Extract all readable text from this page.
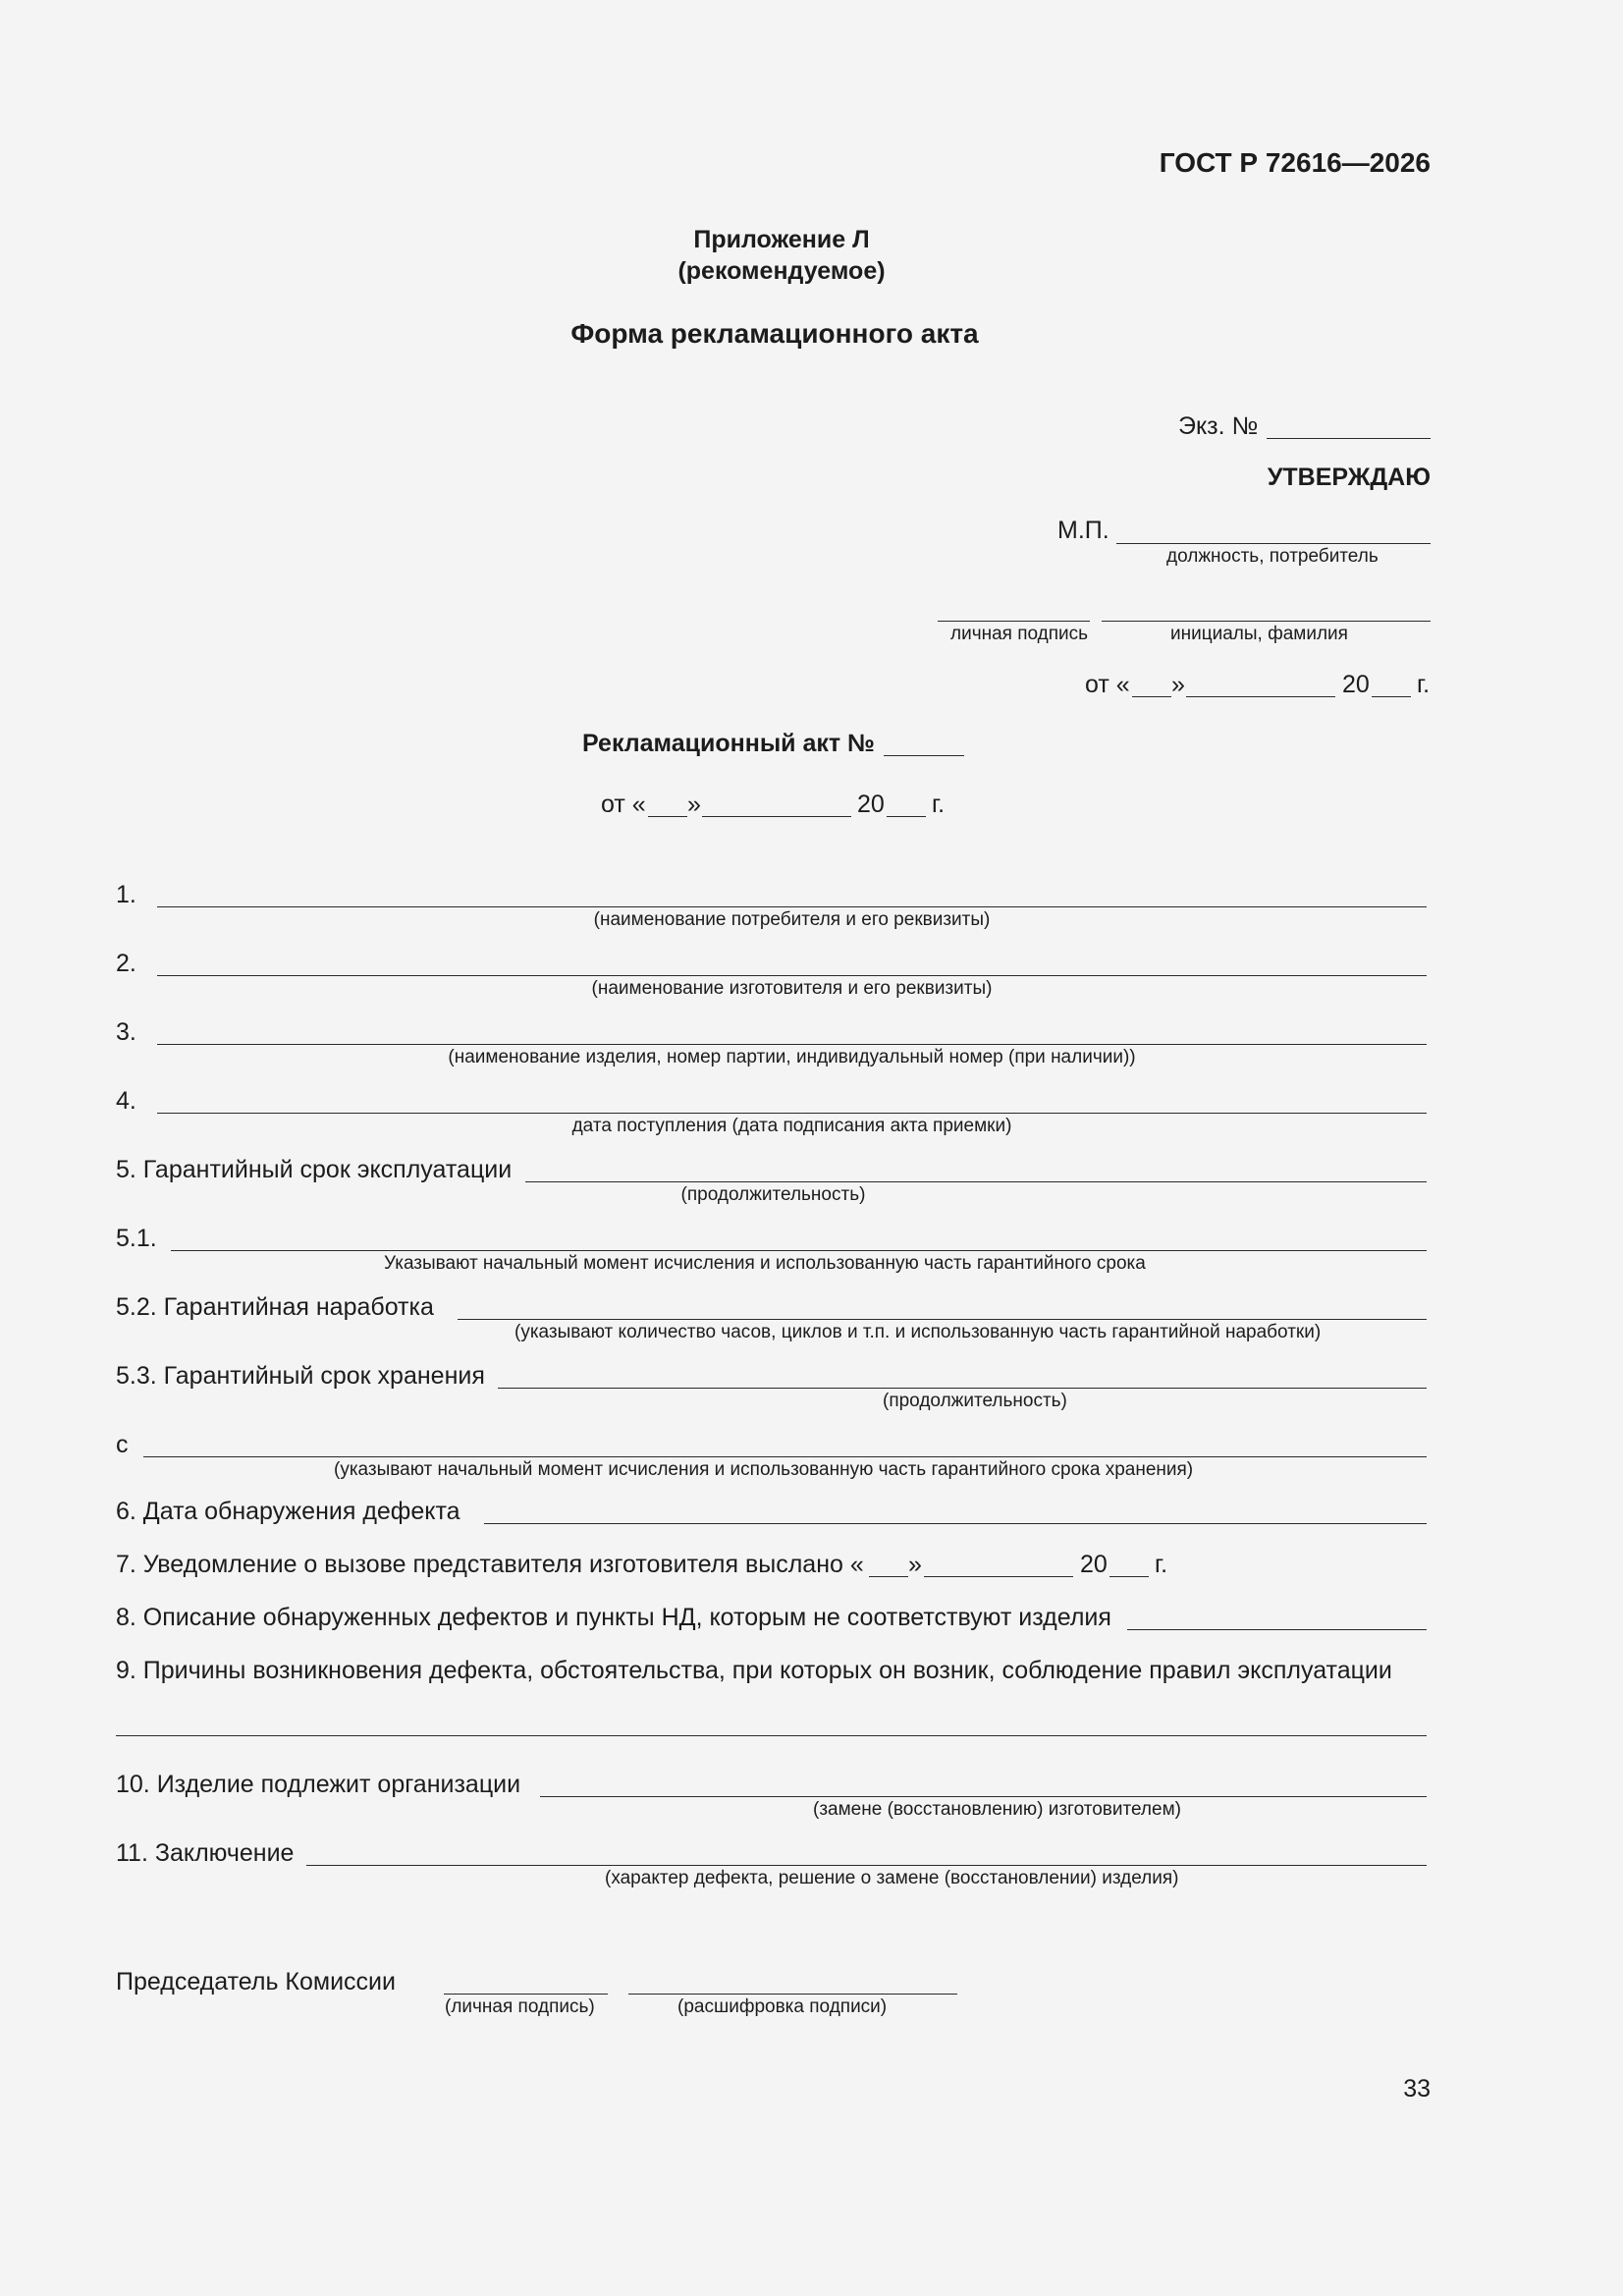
ГОСТ Р 72616—2026
Приложение Л
(рекомендуемое)
Форма рекламационного акта
Экз. №
УТВЕРЖДАЮ
М.П.
должность, потребитель
личная подпись	инициалы, фамилия
от « »	20 г.
Рекламационный акт №
от « »	20 г.
1.
(наименование потребителя и его реквизиты)
2.
(наименование изготовителя и его реквизиты)
3.
(наименование изделия, номер партии, индивидуальный номер (при наличии))
4.
дата поступления (дата подписания акта приемки)
5. Гарантийный срок эксплуатации
(продолжительность)
5.1.
Указывают начальный момент исчисления и использованную часть гарантийного срока
5.2. Гарантийная наработка
(указывают количество часов, циклов и т.п. и использованную часть гарантийной наработки)
5.3. Гарантийный срок хранения
(продолжительность)
с
(указывают начальный момент исчисления и использованную часть гарантийного срока хранения)
6. Дата обнаружения дефекта
7. Уведомление о вызове представителя изготовителя выслано « »	20 г.
8. Описание обнаруженных дефектов и пункты НД, которым не соответствуют изделия
9. Причины возникновения дефекта, обстоятельства, при которых он возник, соблюдение правил эксплуатации
10. Изделие подлежит организации
(замене (восстановлению) изготовителем)
11. Заключение
(характер дефекта, решение о замене (восстановлении) изделия)
Председатель Комиссии
(личная подпись)	(расшифровка подписи)
33
